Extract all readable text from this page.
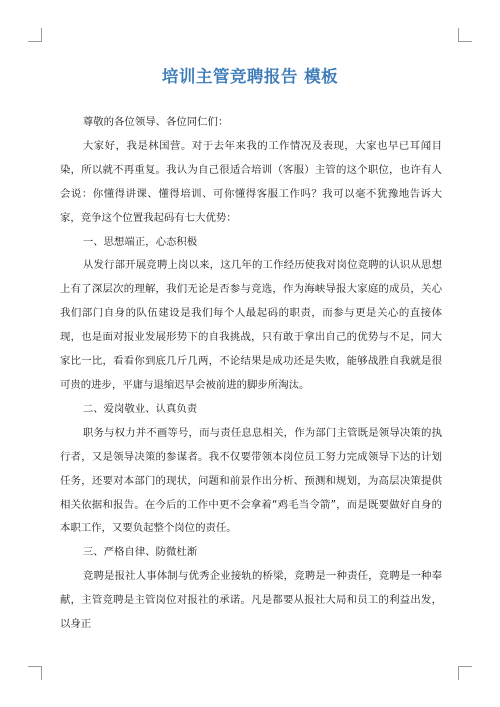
培训主管竞聘报告 模板

尊敬的各位领导、各位同仁们：

大家好，我是林国营。对于去年来我的工作情况及表现，大家也早已耳闻目染，所以就不再重复。我认为自己很适合培训（客服）主管的这个职位，也许有人会说：你懂得讲课、懂得培训、可你懂得客服工作吗？我可以毫不犹豫地告诉大家，竞争这个位置我起码有七大优势：

一、思想端正，心态积极

从发行部开展竞聘上岗以来，这几年的工作经历使我对岗位竞聘的认识从思想上有了深层次的理解，我们无论是否参与竞选，作为海峡导报大家庭的成员，关心我们部门自身的队伍建设是我们每个人最起码的职责，而参与更是关心的直接体现，也是面对报业发展形势下的自我挑战，只有敢于拿出自己的优势与不足，同大家比一比，看看你到底几斤几两，不论结果是成功还是失败，能够战胜自我就是很可贵的进步，平庸与退缩迟早会被前进的脚步所淘汰。

二、爱岗敬业、认真负责

职务与权力并不画等号，而与责任息息相关，作为部门主管既是领导决策的执行者，又是领导决策的参谋者。我不仅要带领本岗位员工努力完成领导下达的计划任务，还要对本部门的现状，问题和前景作出分析、预测和规划，为高层决策提供相关依据和报告。在今后的工作中更不会拿着“鸡毛当令箭”，而是既要做好自身的本职工作，又要负起整个岗位的责任。

三、严格自律、防微杜渐

竞聘是报社人事体制与优秀企业接轨的桥梁，竞聘是一种责任，竞聘是一种奉献，主管竞聘是主管岗位对报社的承诺。凡是都要从报社大局和员工的利益出发，以身正
